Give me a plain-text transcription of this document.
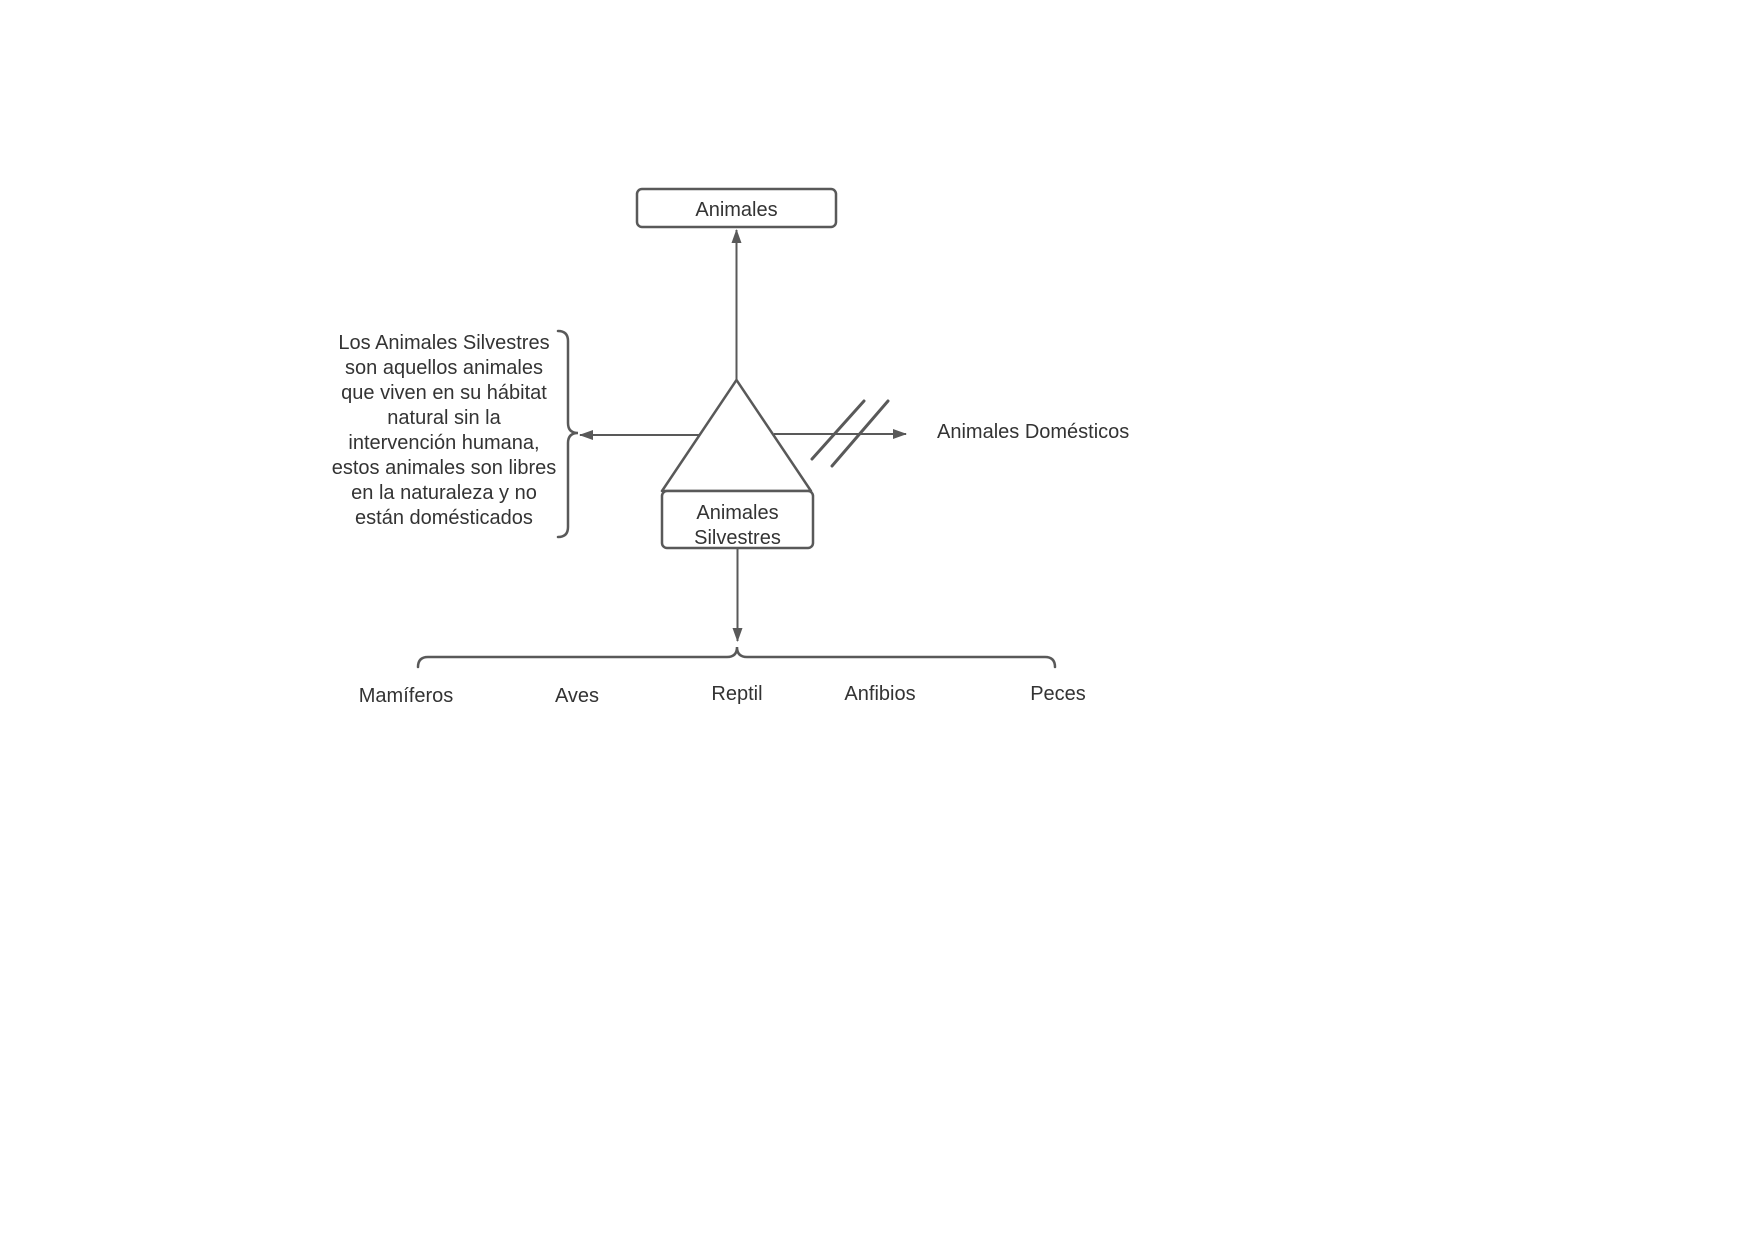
Animales
Animales
Silvestres
Los Animales Silvestres
son aquellos animales
que viven en su hábitat
natural sin la
intervención humana,
estos animales son libres
en la naturaleza y no
están domésticados
Animales Domésticos
Mamíferos	Aves	Reptil	Anfibios	Peces
